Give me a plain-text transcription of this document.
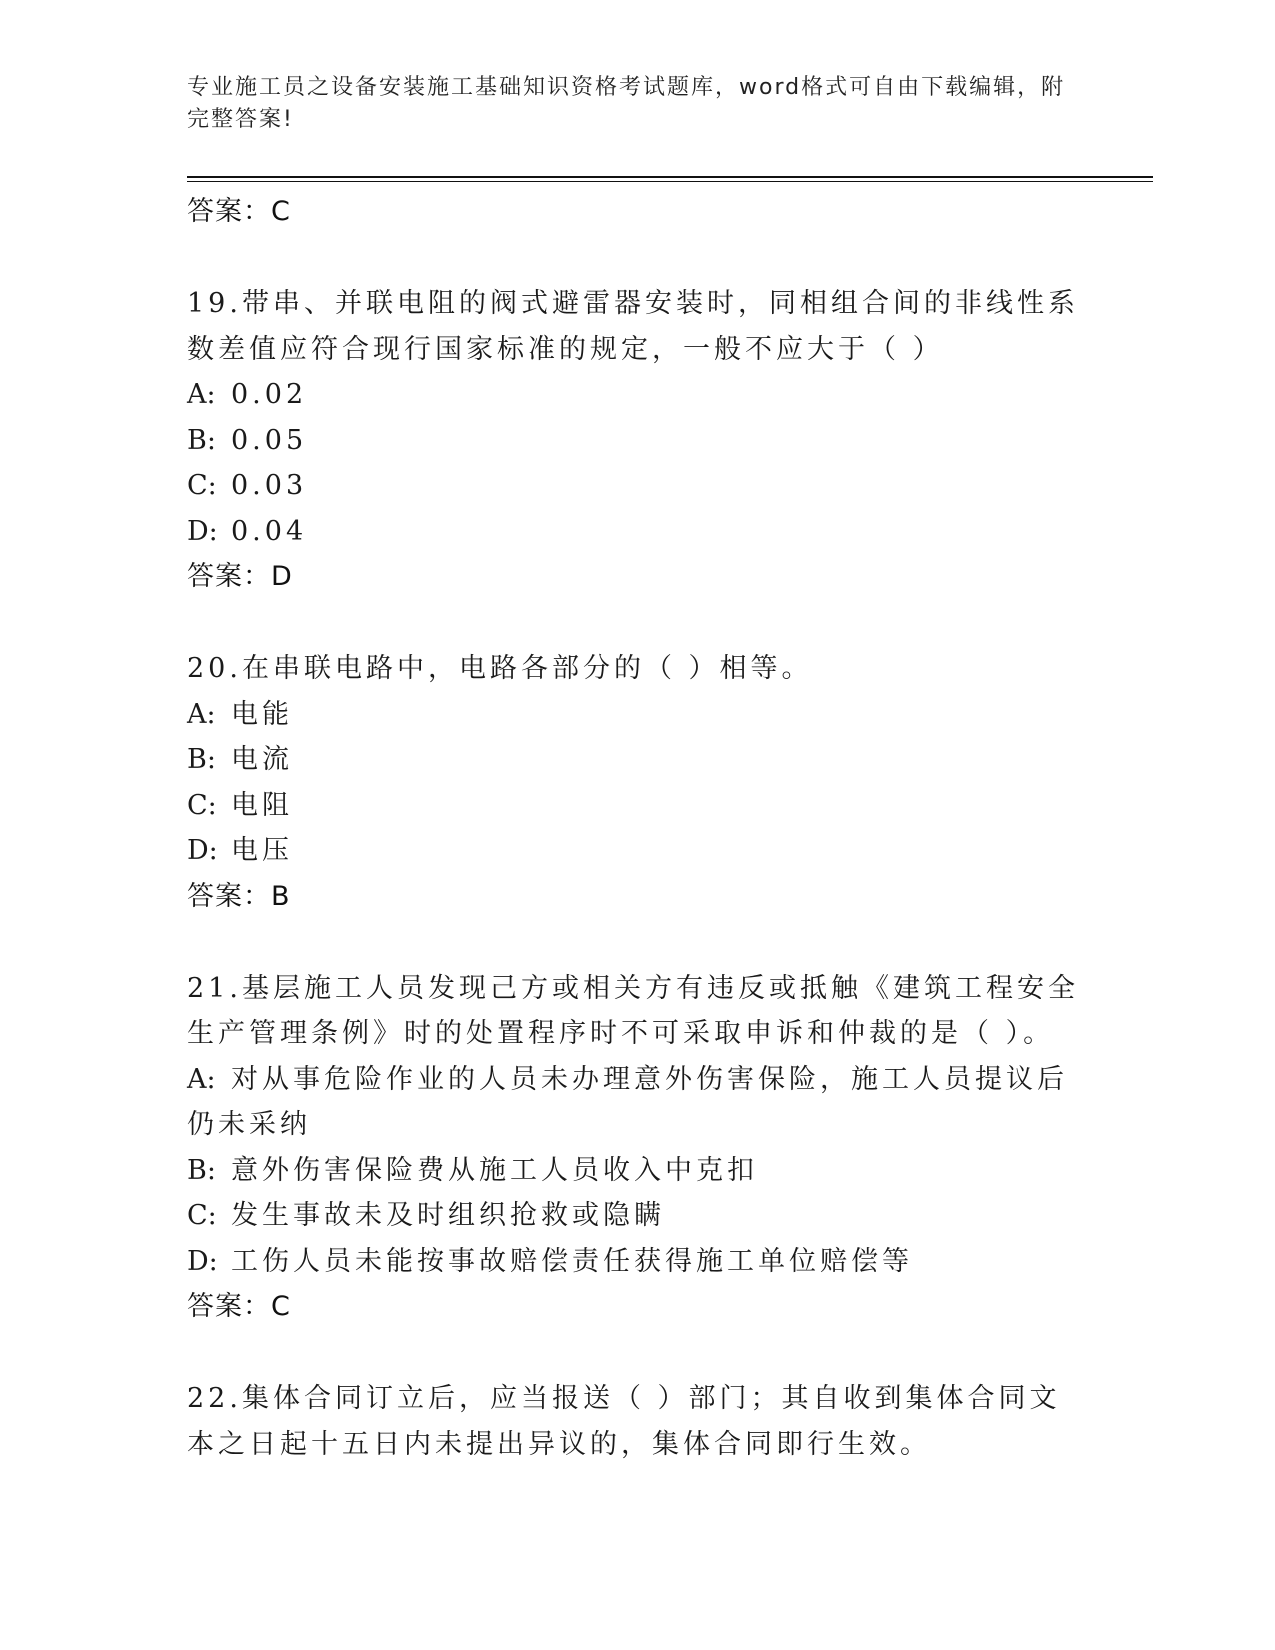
专业施工员之设备安装施工基础知识资格考试题库，word格式可自由下载编辑，附完整答案!
答案：C
19.带串、并联电阻的阀式避雷器安装时，同相组合间的非线性系数差值应符合现行国家标准的规定，一般不应大于（ ）
A: 0.02
B: 0.05
C: 0.03
D: 0.04
答案：D
20.在串联电路中，电路各部分的（ ）相等。
A: 电能
B: 电流
C: 电阻
D: 电压
答案：B
21.基层施工人员发现己方或相关方有违反或抵触《建筑工程安全生产管理条例》时的处置程序时不可采取申诉和仲裁的是（ ）。
A: 对从事危险作业的人员未办理意外伤害保险，施工人员提议后仍未采纳
B: 意外伤害保险费从施工人员收入中克扣
C: 发生事故未及时组织抢救或隐瞒
D: 工伤人员未能按事故赔偿责任获得施工单位赔偿等
答案：C
22.集体合同订立后，应当报送（ ）部门；其自收到集体合同文本之日起十五日内未提出异议的，集体合同即行生效。
